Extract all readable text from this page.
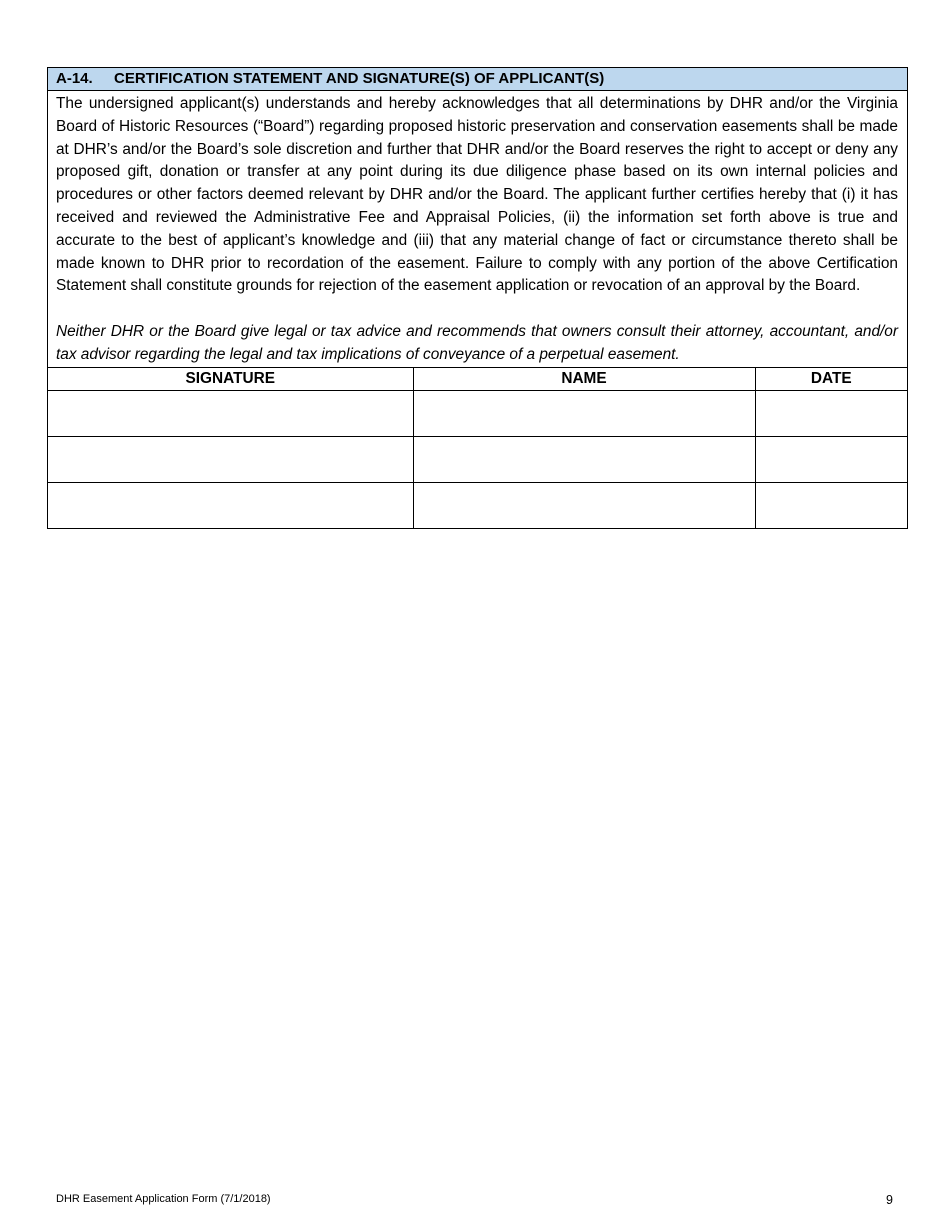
A-14. CERTIFICATION STATEMENT AND SIGNATURE(S) OF APPLICANT(S)

The undersigned applicant(s) understands and hereby acknowledges that all determinations by DHR and/or the Virginia Board of Historic Resources (“Board”) regarding proposed historic preservation and conservation easements shall be made at DHR’s and/or the Board’s sole discretion and further that DHR and/or the Board reserves the right to accept or deny any proposed gift, donation or transfer at any point during its due diligence phase based on its own internal policies and procedures or other factors deemed relevant by DHR and/or the Board. The applicant further certifies hereby that (i) it has received and reviewed the Administrative Fee and Appraisal Policies, (ii) the information set forth above is true and accurate to the best of applicant’s knowledge and (iii) that any material change of fact or circumstance thereto shall be made known to DHR prior to recordation of the easement. Failure to comply with any portion of the above Certification Statement shall constitute grounds for rejection of the easement application or revocation of an approval by the Board.

Neither DHR or the Board give legal or tax advice and recommends that owners consult their attorney, accountant, and/or tax advisor regarding the legal and tax implications of conveyance of a perpetual easement.

SIGNATURE	NAME	DATE

DHR Easement Application Form (7/1/2018)	9
